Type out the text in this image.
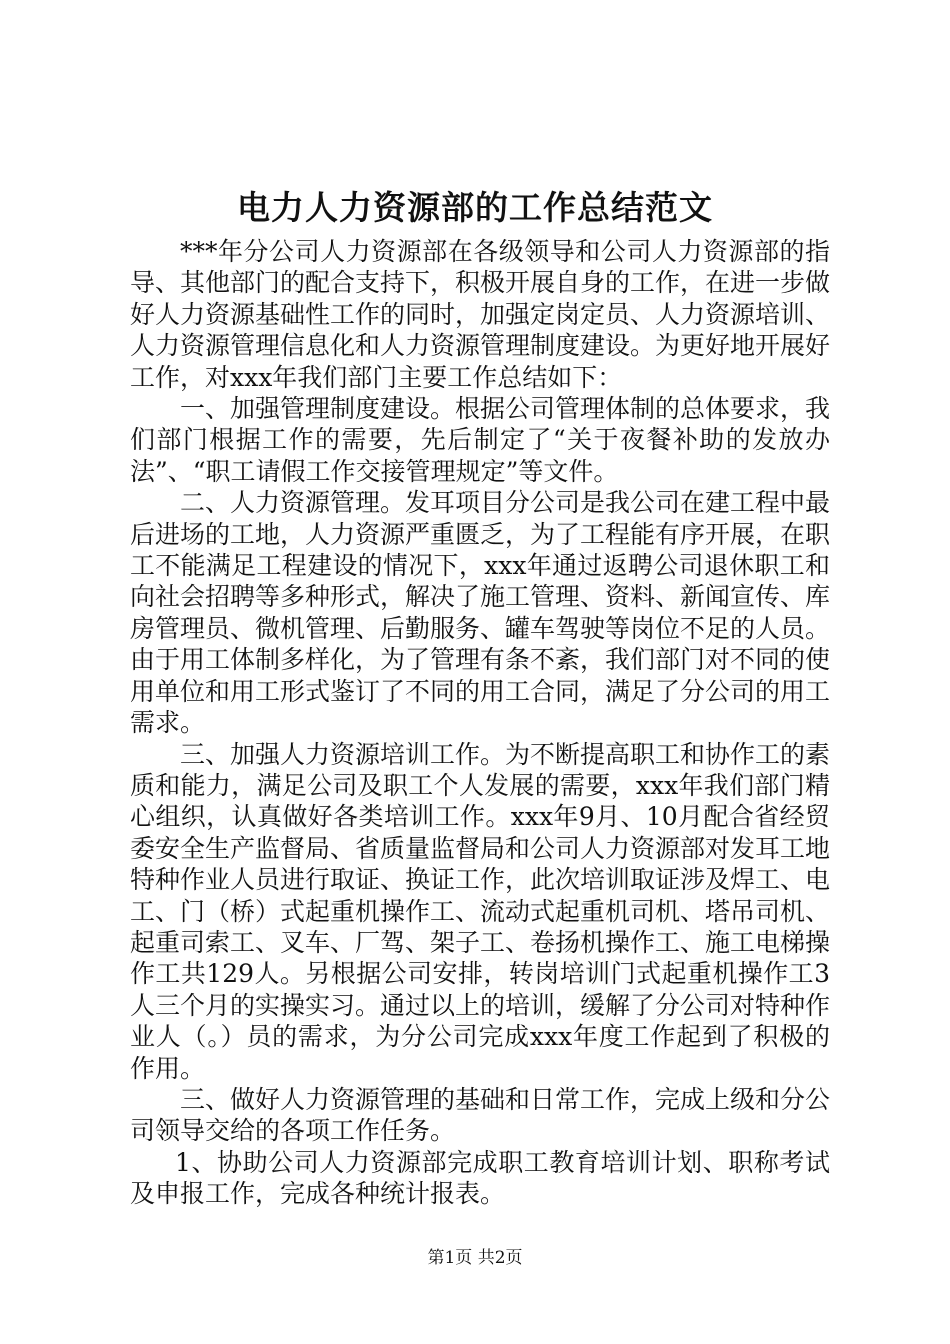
电力人力资源部的工作总结范文

***年分公司人力资源部在各级领导和公司人力资源部的指导、其他部门的配合支持下，积极开展自身的工作，在进一步做好人力资源基础性工作的同时，加强定岗定员、人力资源培训、人力资源管理信息化和人力资源管理制度建设。为更好地开展好工作，对xxx年我们部门主要工作总结如下：

一、加强管理制度建设。根据公司管理体制的总体要求，我们部门根据工作的需要，先后制定了“关于夜餐补助的发放办法”、“职工请假工作交接管理规定”等文件。

二、人力资源管理。发耳项目分公司是我公司在建工程中最后进场的工地，人力资源严重匮乏，为了工程能有序开展，在职工不能满足工程建设的情况下，xxx年通过返聘公司退休职工和向社会招聘等多种形式，解决了施工管理、资料、新闻宣传、库房管理员、微机管理、后勤服务、罐车驾驶等岗位不足的人员。由于用工体制多样化，为了管理有条不紊，我们部门对不同的使用单位和用工形式鉴订了不同的用工合同，满足了分公司的用工需求。

三、加强人力资源培训工作。为不断提高职工和协作工的素质和能力，满足公司及职工个人发展的需要，xxx年我们部门精心组织，认真做好各类培训工作。xxx年9月、10月配合省经贸委安全生产监督局、省质量监督局和公司人力资源部对发耳工地特种作业人员进行取证、换证工作，此次培训取证涉及焊工、电工、门（桥）式起重机操作工、流动式起重机司机、塔吊司机、起重司索工、叉车、厂驾、架子工、卷扬机操作工、施工电梯操作工共129人。另根据公司安排，转岗培训门式起重机操作工3人三个月的实操实习。通过以上的培训，缓解了分公司对特种作业人（。）员的需求，为分公司完成xxx年度工作起到了积极的作用。

三、做好人力资源管理的基础和日常工作，完成上级和分公司领导交给的各项工作任务。

1、协助公司人力资源部完成职工教育培训计划、职称考试及申报工作，完成各种统计报表。

第1页 共2页
